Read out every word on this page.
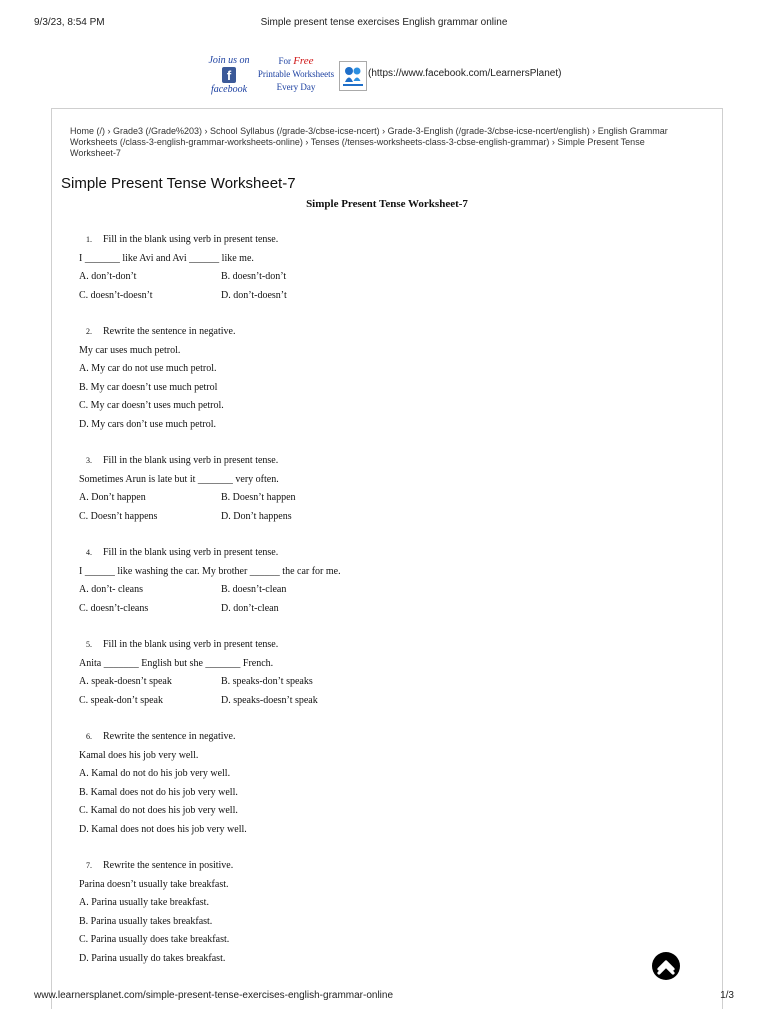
9/3/23, 8:54 PM	Simple present tense exercises English grammar online
Join us on
f
facebook
For Free
Printable Worksheets
Every Day
(https://www.facebook.com/LearnersPlanet)
Home (/) › Grade3 (/Grade%203) › School Syllabus (/grade-3/cbse-icse-ncert) › Grade-3-English (/grade-3/cbse-icse-ncert/english) › English Grammar Worksheets (/class-3-english-grammar-worksheets-online) › Tenses (/tenses-worksheets-class-3-cbse-english-grammar) › Simple Present Tense Worksheet-7
Simple Present Tense Worksheet-7
Simple Present Tense Worksheet-7
1. Fill in the blank using verb in present tense.
I _______ like Avi and Avi ______ like me.
A. don’t-don’t	B. doesn’t-don’t
C. doesn’t-doesn’t	D. don’t-doesn’t
2. Rewrite the sentence in negative.
My car uses much petrol.
A. My car do not use much petrol.
B. My car doesn’t use much petrol
C. My car doesn’t uses much petrol.
D. My cars don’t use much petrol.
3. Fill in the blank using verb in present tense.
Sometimes Arun is late but it _______ very often.
A. Don’t happen	B. Doesn’t happen
C. Doesn’t happens	D. Don’t happens
4. Fill in the blank using verb in present tense.
I ______ like washing the car. My brother ______ the car for me.
A. don’t- cleans	B. doesn’t-clean
C. doesn’t-cleans	D. don’t-clean
5. Fill in the blank using verb in present tense.
Anita _______ English but she _______ French.
A. speak-doesn’t speak	B. speaks-don’t speaks
C. speak-don’t speak	D. speaks-doesn’t speak
6. Rewrite the sentence in negative.
Kamal does his job very well.
A. Kamal do not do his job very well.
B. Kamal does not do his job very well.
C. Kamal do not does his job very well.
D. Kamal does not does his job very well.
7. Rewrite the sentence in positive.
Parina doesn’t usually take breakfast.
A. Parina usually take breakfast.
B. Parina usually takes breakfast.
C. Parina usually does take breakfast.
D. Parina usually do takes breakfast.
www.learnersplanet.com/simple-present-tense-exercises-english-grammar-online	1/3
